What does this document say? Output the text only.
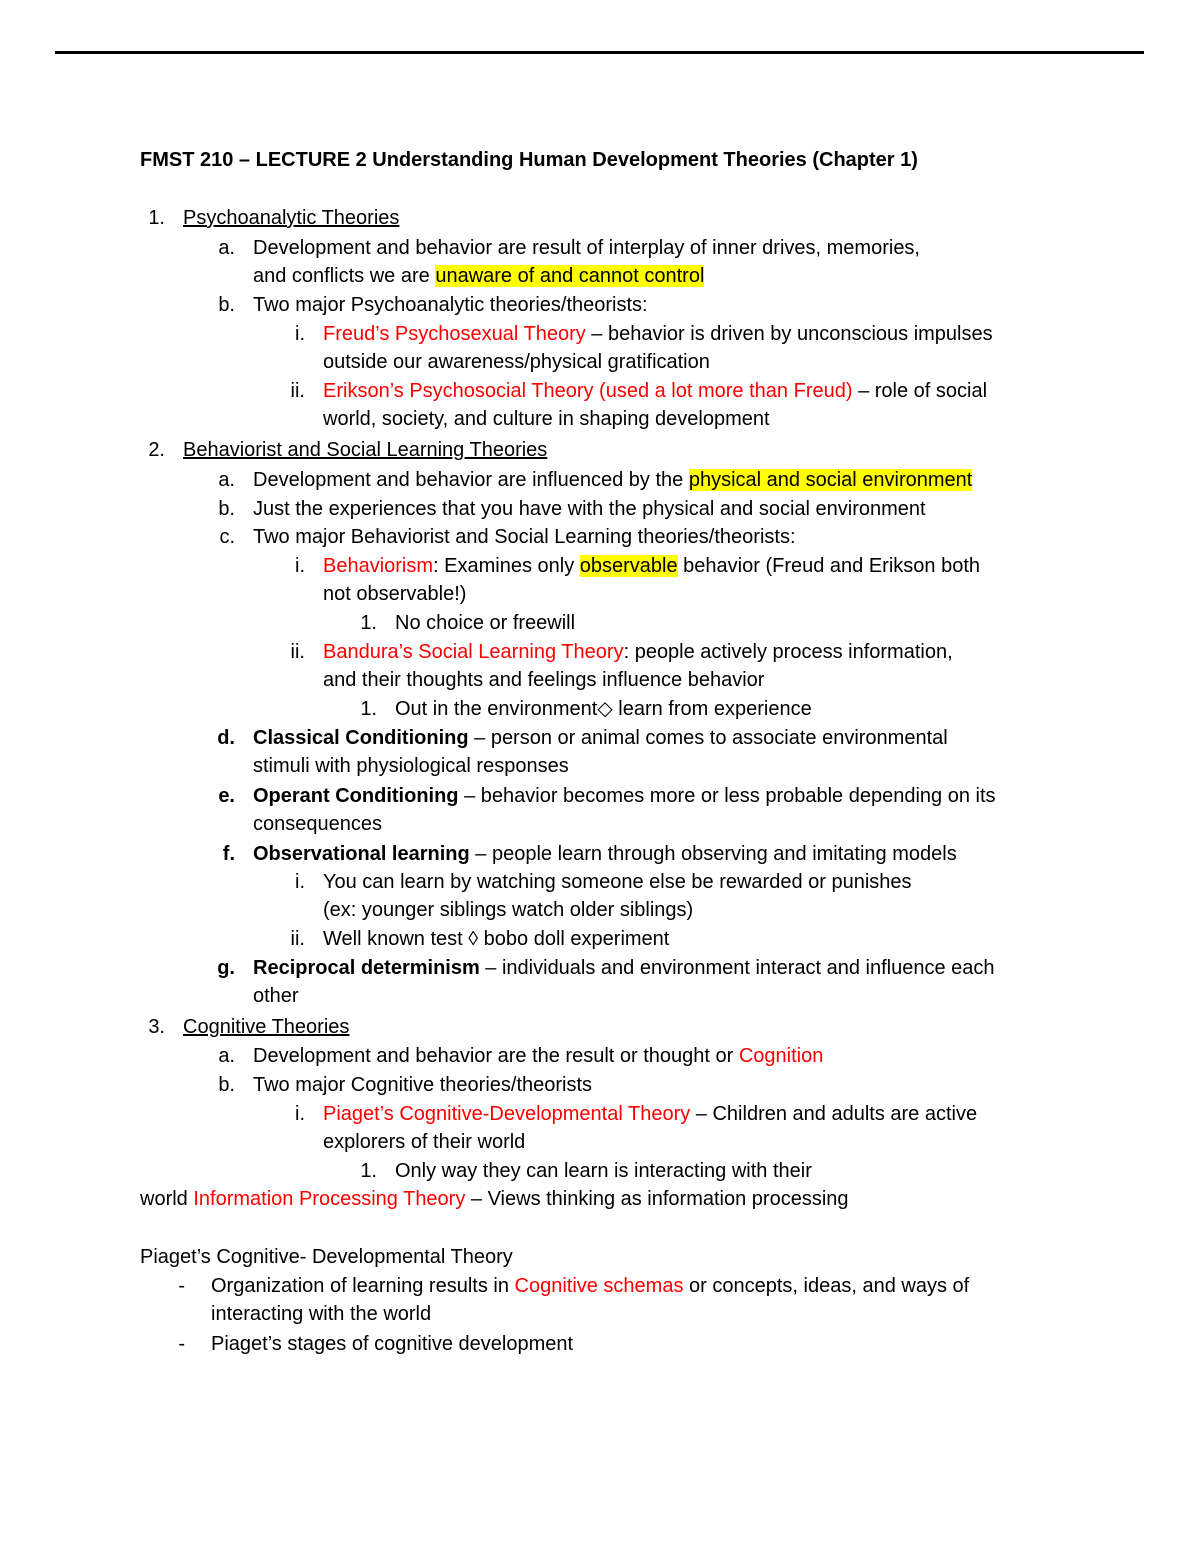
FMST 210 – LECTURE 2 Understanding Human Development Theories (Chapter 1)
1. Psychoanalytic Theories
a. Development and behavior are result of interplay of inner drives, memories,
and conflicts we are unaware of and cannot control
b. Two major Psychoanalytic theories/theorists:
i. Freud’s Psychosexual Theory – behavior is driven by unconscious impulses
outside our awareness/physical gratification
ii. Erikson’s Psychosocial Theory (used a lot more than Freud) – role of social
world, society, and culture in shaping development
2. Behaviorist and Social Learning Theories
a. Development and behavior are influenced by the physical and social environment
b. Just the experiences that you have with the physical and social environment
c. Two major Behaviorist and Social Learning theories/theorists:
i. Behaviorism: Examines only observable behavior (Freud and Erikson both
not observable!)
1. No choice or freewill
ii. Bandura’s Social Learning Theory: people actively process information,
and their thoughts and feelings influence behavior
1. Out in the environment◇ learn from experience
d. Classical Conditioning – person or animal comes to associate environmental
stimuli with physiological responses
e. Operant Conditioning – behavior becomes more or less probable depending on its
consequences
f. Observational learning – people learn through observing and imitating models
i. You can learn by watching someone else be rewarded or punishes
(ex: younger siblings watch older siblings)
ii. Well known test ◊ bobo doll experiment
g. Reciprocal determinism – individuals and environment interact and influence each
other
3. Cognitive Theories
a. Development and behavior are the result or thought or Cognition
b. Two major Cognitive theories/theorists
i. Piaget’s Cognitive-Developmental Theory – Children and adults are active
explorers of their world
1. Only way they can learn is interacting with their
world Information Processing Theory – Views thinking as information processing
Piaget’s Cognitive- Developmental Theory
- Organization of learning results in Cognitive schemas or concepts, ideas, and ways of
interacting with the world
- Piaget’s stages of cognitive development
